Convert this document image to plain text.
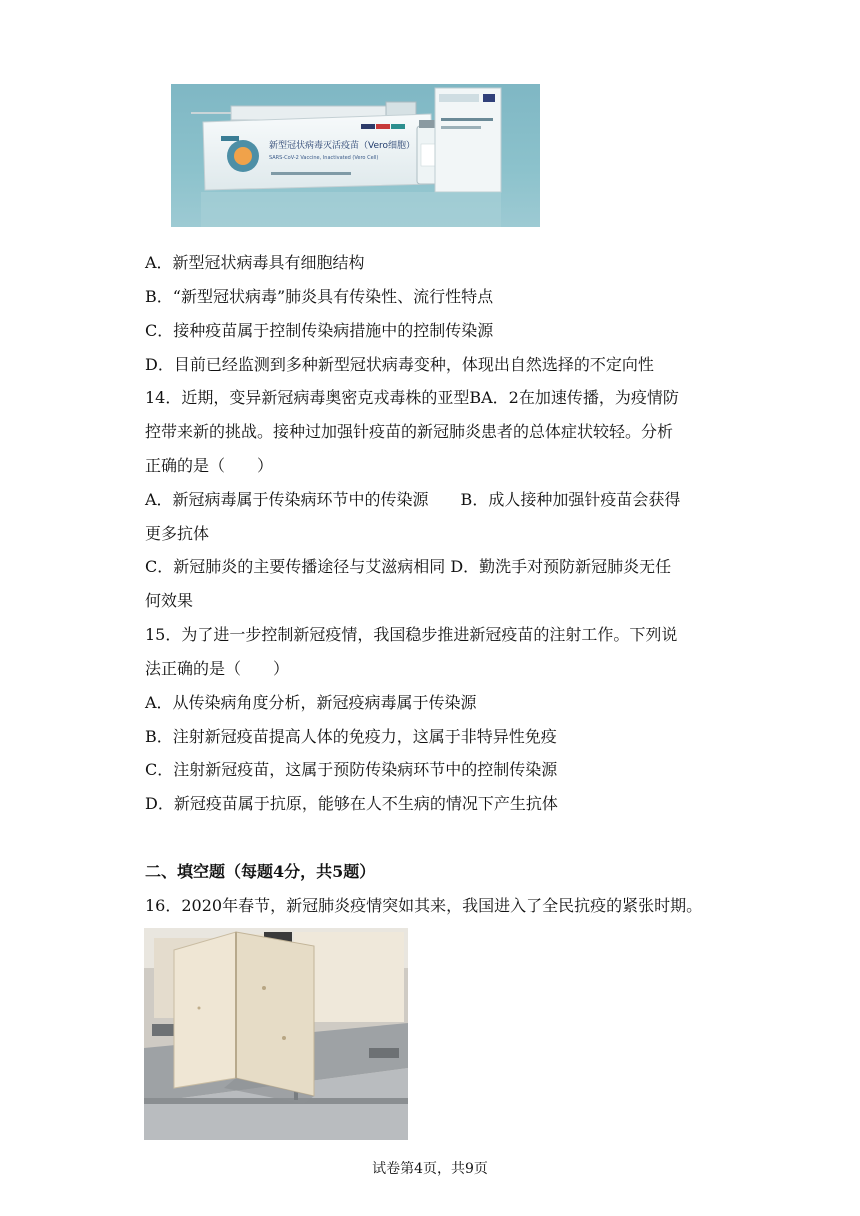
新型冠状病毒灭活疫苗（Vero细胞）
SARS-CoV-2 Vaccine, Inactivated (Vero Cell)
A．新型冠状病毒具有细胞结构
B．“新型冠状病毒”肺炎具有传染性、流行性特点
C．接种疫苗属于控制传染病措施中的控制传染源
D．目前已经监测到多种新型冠状病毒变种，体现出自然选择的不定向性
14．近期，变异新冠病毒奥密克戎毒株的亚型BA．2在加速传播，为疫情防
控带来新的挑战。接种过加强针疫苗的新冠肺炎患者的总体症状较轻。分析
正确的是（　　）
A．新冠病毒属于传染病环节中的传染源　　B．成人接种加强针疫苗会获得
更多抗体
C．新冠肺炎的主要传播途径与艾滋病相同 D．勤洗手对预防新冠肺炎无任
何效果
15．为了进一步控制新冠疫情，我国稳步推进新冠疫苗的注射工作。下列说
法正确的是（　　）
A．从传染病角度分析，新冠疫病毒属于传染源
B．注射新冠疫苗提高人体的免疫力，这属于非特异性免疫
C．注射新冠疫苗，这属于预防传染病环节中的控制传染源
D．新冠疫苗属于抗原，能够在人不生病的情况下产生抗体
二、填空题（每题4分，共5题）
16．2020年春节，新冠肺炎疫情突如其来，我国进入了全民抗疫的紧张时期。
试卷第4页，共9页
